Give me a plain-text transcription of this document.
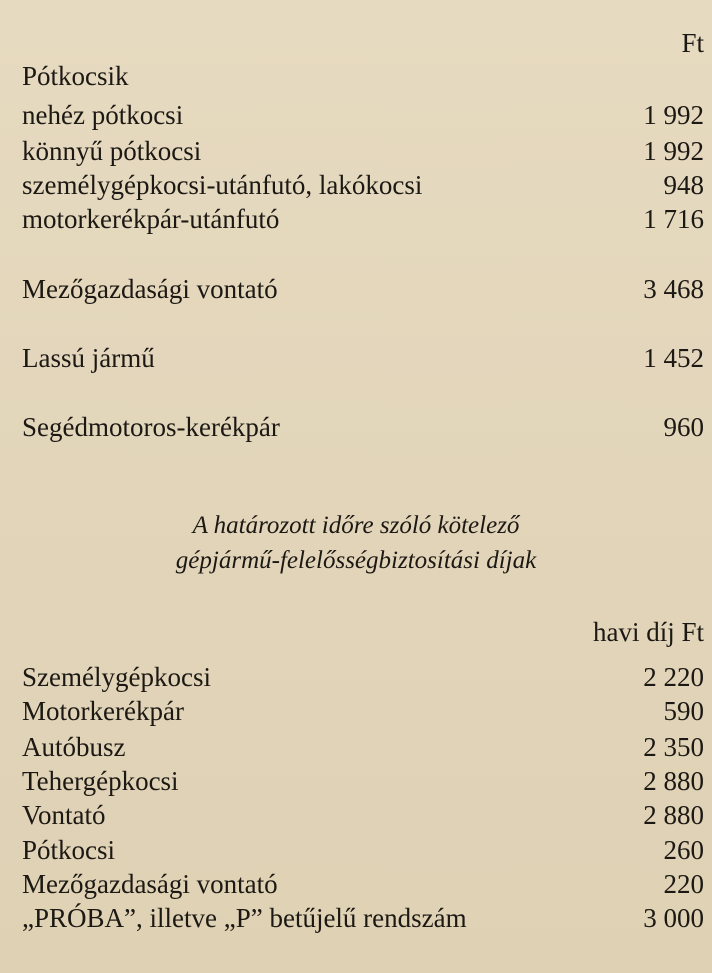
Ft
Pótkocsik
nehéz pótkocsi	1 992
könnyű pótkocsi	1 992
személygépkocsi-utánfutó, lakókocsi	948
motorkerékpár-utánfutó	1 716
Mezőgazdasági vontató	3 468
Lassú jármű	1 452
Segédmotoros-kerékpár	960
A határozott időre szóló kötelező
gépjármű-felelősségbiztosítási díjak
havi díj Ft
Személygépkocsi	2 220
Motorkerékpár	590
Autóbusz	2 350
Tehergépkocsi	2 880
Vontató	2 880
Pótkocsi	260
Mezőgazdasági vontató	220
„PRÓBA”, illetve „P” betűjelű rendszám	3 000
